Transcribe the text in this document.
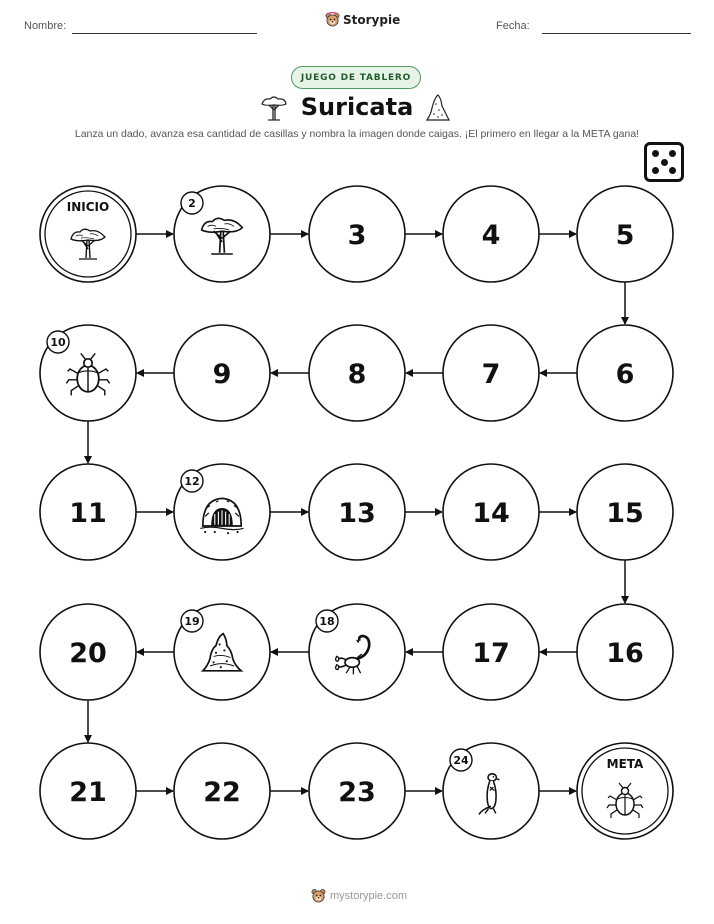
Nombre:	Storypie	Fecha:
JUEGO DE TABLERO
Suricata
Lanza un dado, avanza esa cantidad de casillas y nombra la imagen donde caigas. ¡El primero en llegar a la META gana!
INICIO	2
3	4	5
6
7
8
9
10
11
12
13	14	15
16
17
18
19
20
21	22	23
24	META
mystorypie.com
